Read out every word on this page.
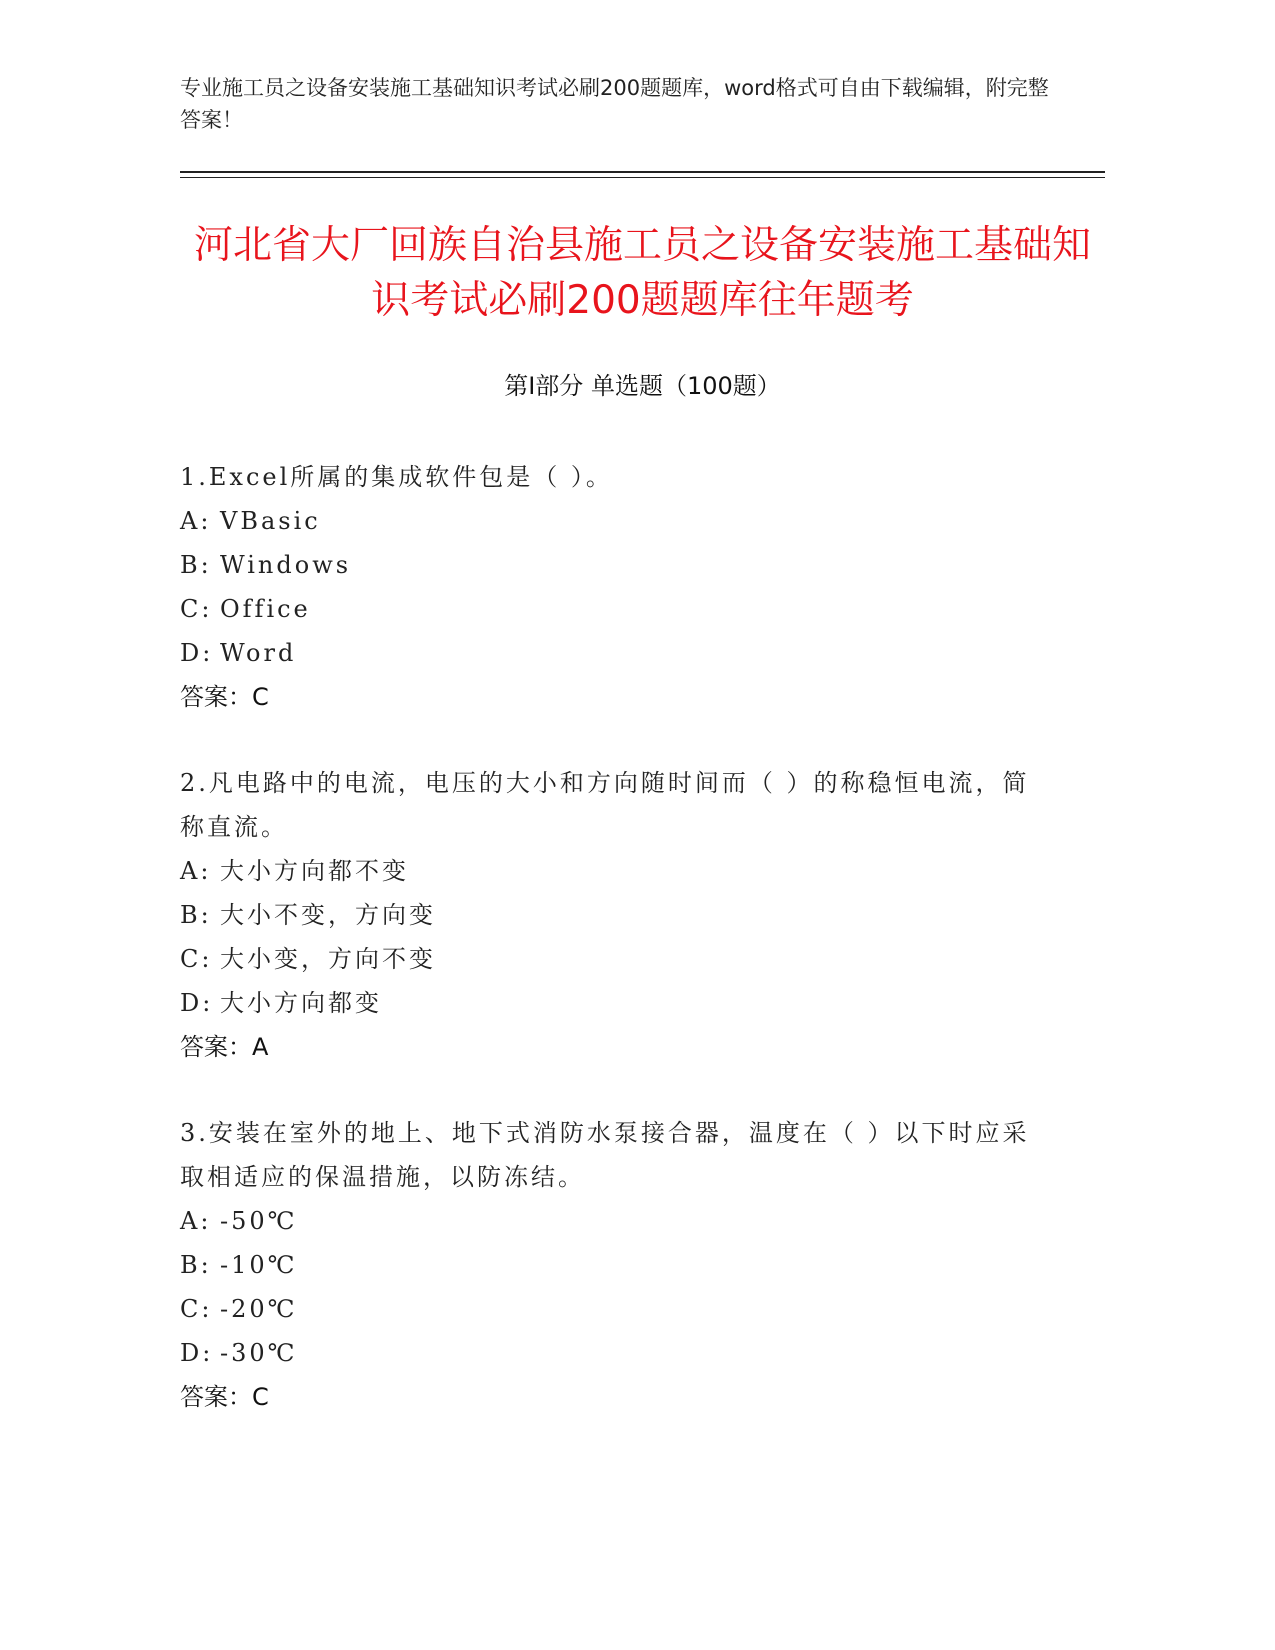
专业施工员之设备安装施工基础知识考试必刷200题题库，word格式可自由下载编辑，附完整答案！
河北省大厂回族自治县施工员之设备安装施工基础知识考试必刷200题题库往年题考
第Ⅰ部分 单选题（100题）
1.Excel所属的集成软件包是（ ）。
A: VBasic
B: Windows
C: Office
D: Word
答案：C
2.凡电路中的电流，电压的大小和方向随时间而（ ）的称稳恒电流，简称直流。
A: 大小方向都不变
B: 大小不变，方向变
C: 大小变，方向不变
D: 大小方向都变
答案：A
3.安装在室外的地上、地下式消防水泵接合器，温度在（ ）以下时应采取相适应的保温措施，以防冻结。
A: -50℃
B: -10℃
C: -20℃
D: -30℃
答案：C
